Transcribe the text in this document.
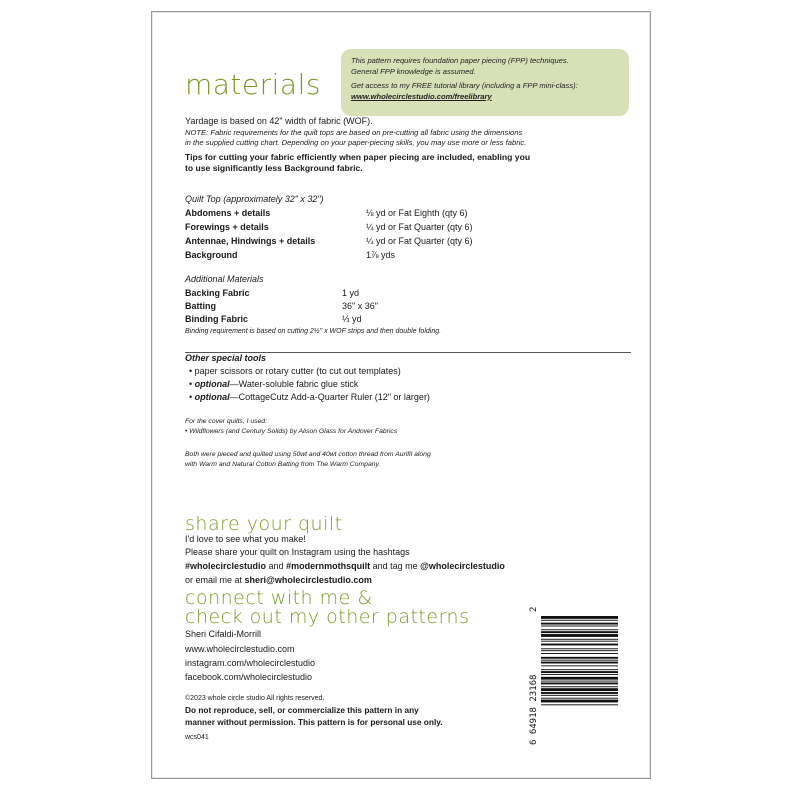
This pattern requires foundation paper piecing (FPP) techniques.
General FPP knowledge is assumed.
Get access to my FREE tutorial library (including a FPP mini-class):
www.wholecirclestudio.com/freelibrary
materials
Yardage is based on 42" width of fabric (WOF).
NOTE: Fabric requirements for the quilt tops are based on pre-cutting all fabric using the dimensions
in the supplied cutting chart. Depending on your paper-piecing skills, you may use more or less fabric.
Tips for cutting your fabric efficiently when paper piecing are included, enabling you
to use significantly less Background fabric.
Quilt Top (approximately 32" x 32")
Abdomens + details	⅛ yd or Fat Eighth (qty 6)
Forewings + details	¼ yd or Fat Quarter (qty 6)
Antennae, Hindwings + details	¼ yd or Fat Quarter (qty 6)
Background	1⅞ yds
Additional Materials
Backing Fabric	1 yd
Batting	36" x 36"
Binding Fabric	⅓ yd
Binding requirement is based on cutting 2½" x WOF strips and then double folding.
Other special tools
• paper scissors or rotary cutter (to cut out templates)
• optional—Water-soluble fabric glue stick
• optional—CottageCutz Add-a-Quarter Ruler (12" or larger)
For the cover quilts, I used:
• Wildflowers (and Century Solids) by Alison Glass for Andover Fabrics
Both were pieced and quilted using 50wt and 40wt cotton thread from Aurifil along
with Warm and Natural Cotton Batting from The Warm Company.
share your quilt
I'd love to see what you make!
Please share your quilt on Instagram using the hashtags
#wholecirclestudio and #modernmothsquilt and tag me @wholecirclestudio
or email me at sheri@wholecirclestudio.com
connect with me &
check out my other patterns
Sheri Cifaldi-Morrill
www.wholecirclestudio.com
instagram.com/wholecirclestudio
facebook.com/wholecirclestudio
©2023 whole circle studio All rights reserved.
Do not reproduce, sell, or commercialize this pattern in any
manner without permission. This pattern is for personal use only.
wcs041	6 64918 23168
2
